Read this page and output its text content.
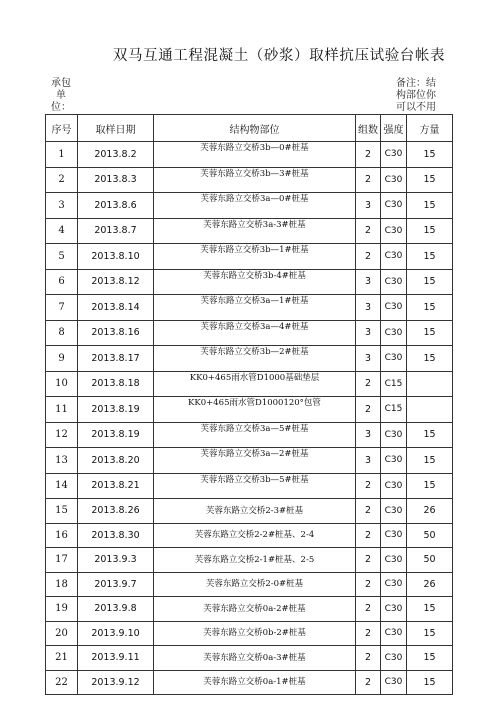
双马互通工程混凝土（砂浆）取样抗压试验台帐表
承包
单
位：
备注：结
构部位你
可以不用
序号	取样日期	结构物部位	组数	强度	方量
1	2013.8.2	芙蓉东路立交桥3b—0#桩基	2	C30	15
2	2013.8.3	芙蓉东路立交桥3b—3#桩基	2	C30	15
3	2013.8.6	芙蓉东路立交桥3a—0#桩基	3	C30	15
4	2013.8.7	芙蓉东路立交桥3a-3#桩基	2	C30	15
5	2013.8.10	芙蓉东路立交桥3b—1#桩基	2	C30	15
6	2013.8.12	芙蓉东路立交桥3b-4#桩基	3	C30	15
7	2013.8.14	芙蓉东路立交桥3a—1#桩基	3	C30	15
8	2013.8.16	芙蓉东路立交桥3a—4#桩基	3	C30	15
9	2013.8.17	芙蓉东路立交桥3b—2#桩基	3	C30	15
10	2013.8.18	KK0+465雨水管D1000基础垫层	2	C15	
11	2013.8.19	KK0+465雨水管D1000120°包管	2	C15	
12	2013.8.19	芙蓉东路立交桥3a—5#桩基	3	C30	15
13	2013.8.20	芙蓉东路立交桥3a—2#桩基	3	C30	15
14	2013.8.21	芙蓉东路立交桥3b—5#桩基	2	C30	15
15	2013.8.26	芙蓉东路立交桥2-3#桩基	2	C30	26
16	2013.8.30	芙蓉东路立交桥2-2#桩基、2-4	2	C30	50
17	2013.9.3	芙蓉东路立交桥2-1#桩基、2-5	2	C30	50
18	2013.9.7	芙蓉东路立交桥2-0#桩基	2	C30	26
19	2013.9.8	芙蓉东路立交桥0a-2#桩基	2	C30	15
20	2013.9.10	芙蓉东路立交桥0b-2#桩基	2	C30	15
21	2013.9.11	芙蓉东路立交桥0a-3#桩基	2	C30	15
22	2013.9.12	芙蓉东路立交桥0a-1#桩基	2	C30	15
